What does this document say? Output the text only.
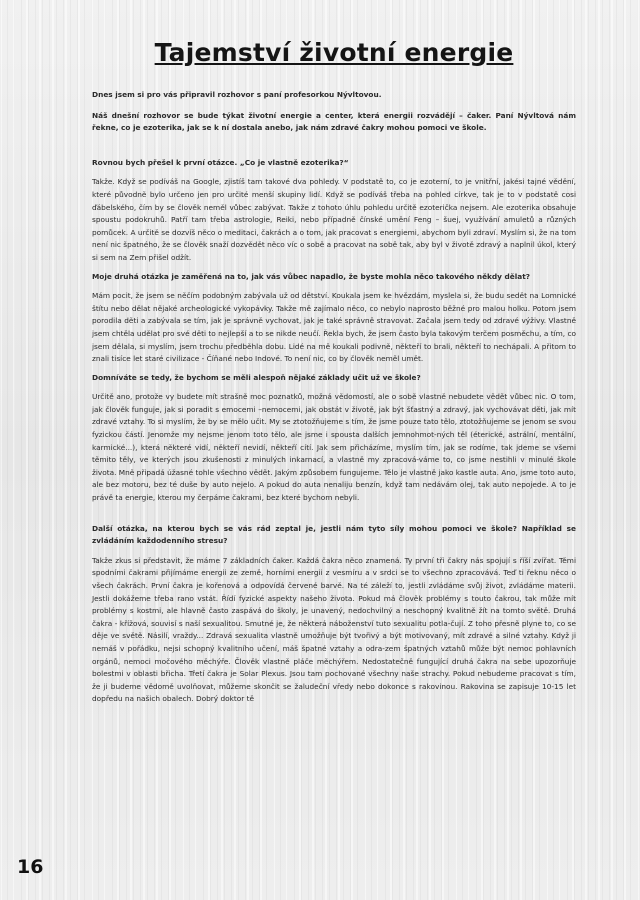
Tajemství životní energie

Dnes jsem si pro vás připravil rozhovor s paní profesorkou Nývltovou.

Náš dnešní rozhovor se bude týkat životní energie a center, která energii rozvádějí – čaker. Paní Nývltová nám řekne, co je ezoterika, jak se k ní dostala anebo, jak nám zdravé čakry mohou pomoci ve škole.

Rovnou bych přešel k první otázce. „Co je vlastně ezoterika?“

Takže. Když se podíváš na Google, zjistíš tam takové dva pohledy. V podstatě to, co je ezoterní, to je vnitřní, jakési tajné vědění, které původně bylo určeno jen pro určité menší skupiny lidí. Když se podíváš třeba na pohled církve, tak je to v podstatě cosi ďábelského, čím by se člověk neměl vůbec zabývat. Takže z tohoto úhlu pohledu určitě ezoterička nejsem. Ale ezoterika obsahuje spoustu podokruhů. Patří tam třeba astrologie, Reiki, nebo případně čínské umění Feng – šuej, využívání amuletů a různých pomůcek. A určitě se dozvíš něco o meditaci, čakrách a o tom, jak pracovat s energiemi, abychom byli zdraví. Myslím si, že na tom není nic špatného, že se člověk snaží dozvědět něco víc o sobě a pracovat na sobě tak, aby byl v životě zdravý a naplnil úkol, který si sem na Zem přišel odžít.

Moje druhá otázka je zaměřená na to, jak vás vůbec napadlo, že byste mohla něco takového někdy dělat?

Mám pocit, že jsem se něčím podobným zabývala už od dětství. Koukala jsem ke hvězdám, myslela si, že budu sedět na Lomnické štítu nebo dělat nějaké archeologické vykopávky. Takže mě zajímalo něco, co nebylo naprosto běžné pro malou holku. Potom jsem porodila děti a zabývala se tím, jak je správně vychovat, jak je také správně stravovat. Začala jsem tedy od zdravé výživy. Vlastně jsem chtěla udělat pro své děti to nejlepší a to se nikde neučí. Řekla bych, že jsem často byla takovým terčem posměchu, a tím, co jsem dělala, si myslím, jsem trochu předběhla dobu. Lidé na mě koukali podivně, někteří to brali, někteří to nechápali. A přitom to znali tisíce let staré civilizace - Číňané nebo Indové. To není nic, co by člověk neměl umět.

Domníváte se tedy, že bychom se měli alespoň nějaké základy učit už ve škole?

Určitě ano, protože vy budete mít strašně moc poznatků, možná vědomostí, ale o sobě vlastně nebudete vědět vůbec nic. O tom, jak člověk funguje, jak si poradit s emocemi –nemocemi, jak obstát v životě, jak být šťastný a zdravý, jak vychovávat děti, jak mít zdravé vztahy. To si myslím, že by se mělo učit. My se ztotožňujeme s tím, že jsme pouze tato tělo, ztotožňujeme se jenom se svou fyzickou částí. Jenomže my nejsme jenom toto tělo, ale jsme i spousta dalších jemnohmot-ných těl (éterické, astrální, mentální, karmické...), která některé vidí, někteří nevidí, někteří cítí. Jak sem přicházíme, myslím tím, jak se rodíme, tak jdeme se všemi těmito těly, ve kterých jsou zkušenosti z minulých inkarnací, a vlastně my zpracová-váme to, co jsme nestihli v minulé škole života. Mně připadá úžasné tohle všechno vědět. Jakým způsobem fungujeme. Tělo je vlastně jako kastle auta. Ano, jsme toto auto, ale bez motoru, bez té duše by auto nejelo. A pokud do auta nenaliju benzín, když tam nedávám olej, tak auto nepojede. A to je právě ta energie, kterou my čerpáme čakrami, bez které bychom nebyli.

Další otázka, na kterou bych se vás rád zeptal je, jestli nám tyto síly mohou pomoci ve škole? Například se zvládáním každodenního stresu?

Takže zkus si představit, že máme 7 základních čaker. Každá čakra něco znamená. Ty první tři čakry nás spojují s říší zvířat. Těmi spodními čakrami přijímáme energii ze země, horními energii z vesmíru a v srdci se to všechno zpracovává. Teď ti řeknu něco o všech čakrách. První čakra je kořenová a odpovídá červené barvě. Na té záleží to, jestli zvládáme svůj život, zvládáme materii. Jestli dokážeme třeba rano vstát. Řídí fyzické aspekty našeho života. Pokud má člověk problémy s touto čakrou, tak může mít problémy s kostmi, ale hlavně často zaspává do školy, je unavený, nedochvilný a neschopný kvalitně žít na tomto světě. Druhá čakra - křížová, souvisí s naší sexualitou. Smutné je, že některá náboženství tuto sexualitu potla-čují. Z toho přesně plyne to, co se děje ve světě. Násilí, vraždy... Zdravá sexualita vlastně umožňuje být tvořivý a být motivovaný, mít zdravé a silné vztahy. Když ji nemáš v pořádku, nejsi schopný kvalitního učení, máš špatné vztahy a odra-zem špatných vztahů může být nemoc pohlavních orgánů, nemoci močového měchýře. Člověk vlastně pláče měchýřem. Nedostatečně fungující druhá čakra na sebe upozorňuje bolestmi v oblasti břicha. Třetí čakra je Solar Plexus. Jsou tam pochované všechny naše strachy. Pokud nebudeme pracovat s tím, že ji budeme vědomě uvolňovat, můžeme skončit se žaludeční vředy nebo dokonce s rakovinou. Rakovina se zapisuje 10-15 let dopředu na našich obalech. Dobrý doktor tě

16
